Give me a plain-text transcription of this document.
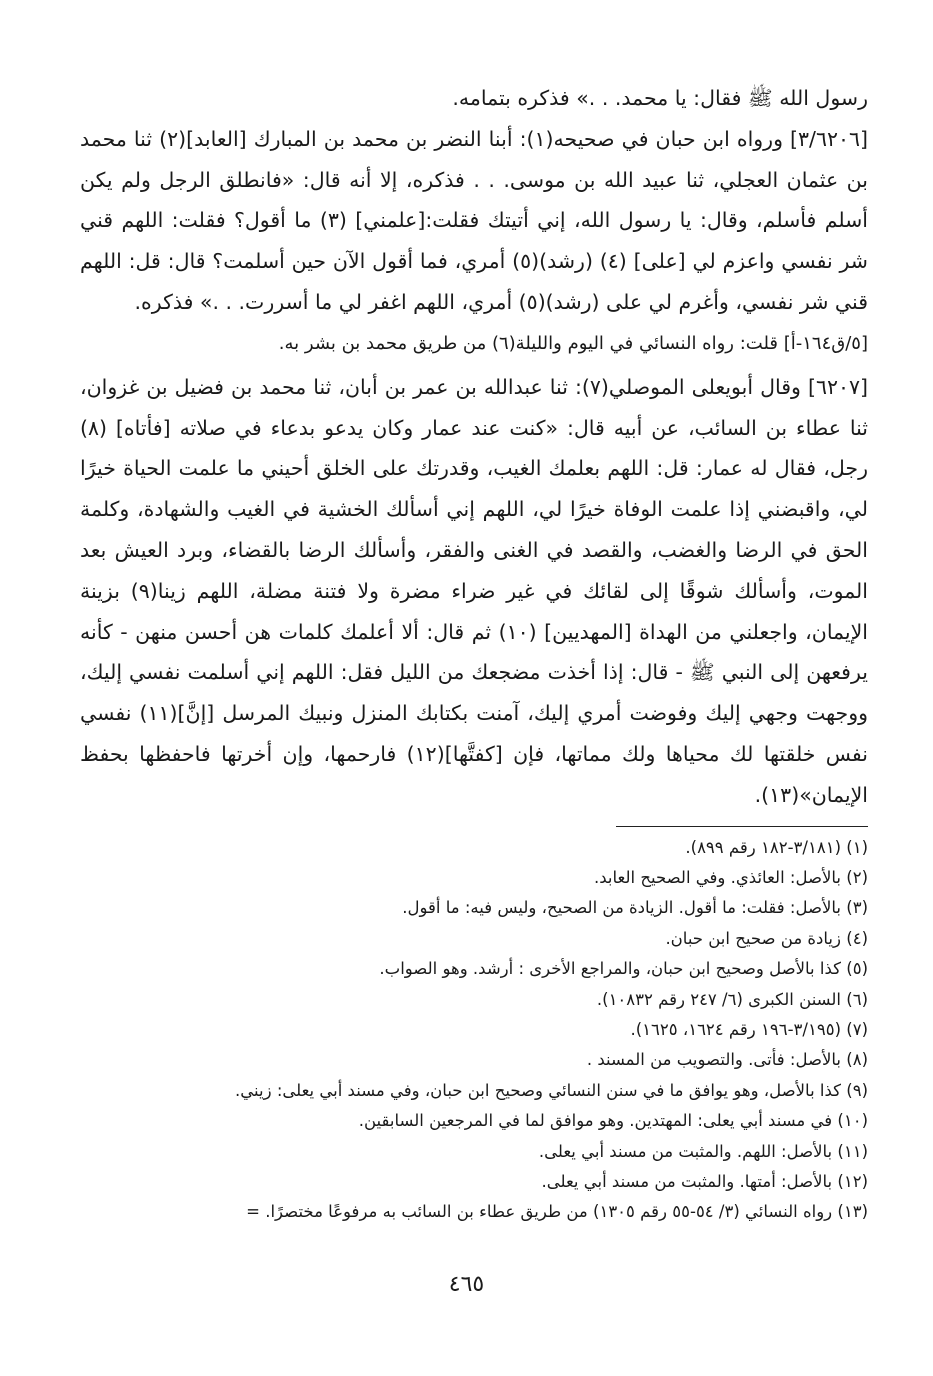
رسول الله ﷺ فقال: يا محمد. . .» فذكره بتمامه.

[٣/٦٢٠٦] ورواه ابن حبان في صحيحه(١): أبنا النضر بن محمد بن المبارك [العابد](٢) ثنا محمد بن عثمان العجلي، ثنا عبيد الله بن موسى. . . فذكره، إلا أنه قال: «فانطلق الرجل ولم يكن أسلم فأسلم، وقال: يا رسول الله، إني أتيتك فقلت:[علمني] (٣) ما أقول؟ فقلت: اللهم قني شر نفسي واعزم لي [على] (٤) (رشد)(٥) أمري، فما أقول الآن حين أسلمت؟ قال: قل: اللهم قني شر نفسي، وأغرم لي على (رشد)(٥) أمري، اللهم اغفر لي ما أسررت. . .» فذكره.

[٥/ق١٦٤-أ] قلت: رواه النسائي في اليوم والليلة(٦) من طريق محمد بن بشر به.

[٦٢٠٧] وقال أبويعلى الموصلي(٧): ثنا عبدالله بن عمر بن أبان، ثنا محمد بن فضيل بن غزوان، ثنا عطاء بن السائب، عن أبيه قال: «كنت عند عمار وكان يدعو بدعاء في صلاته [فأتاه] (٨) رجل، فقال له عمار: قل: اللهم بعلمك الغيب، وقدرتك على الخلق أحيني ما علمت الحياة خيرًا لي، واقبضني إذا علمت الوفاة خيرًا لي، اللهم إني أسألك الخشية في الغيب والشهادة، وكلمة الحق في الرضا والغضب، والقصد في الغنى والفقر، وأسألك الرضا بالقضاء، وبرد العيش بعد الموت، وأسألك شوقًا إلى لقائك في غير ضراء مضرة ولا فتنة مضلة، اللهم زينا(٩) بزينة الإيمان، واجعلني من الهداة [المهديين] (١٠) ثم قال: ألا أعلمك كلمات هن أحسن منهن - كأنه يرفعهن إلى النبي ﷺ - قال: إذا أخذت مضجعك من الليل فقل: اللهم إني أسلمت نفسي إليك، ووجهت وجهي إليك وفوضت أمري إليك، آمنت بكتابك المنزل ونبيك المرسل [إنَّ](١١) نفسي نفس خلقتها لك محياها ولك مماتها، فإن [كفتَّها](١٢) فارحمها، وإن أخرتها فاحفظها بحفظ الإيمان»(١٣).

(١) (٣/١٨١-١٨٢ رقم ٨٩٩).

(٢) بالأصل: العائذي. وفي الصحيح العابد.

(٣) بالأصل: فقلت: ما أقول. الزيادة من الصحيح، وليس فيه: ما أقول.

(٤) زيادة من صحيح ابن حبان.

(٥) كذا بالأصل وصحيح ابن حبان، والمراجع الأخرى : أرشد. وهو الصواب.

(٦) السنن الكبرى (٦/ ٢٤٧ رقم ١٠٨٣٢).

(٧) (٣/١٩٥-١٩٦ رقم ١٦٢٤، ١٦٢٥).

(٨) بالأصل: فأتى. والتصويب من المسند .

(٩) كذا بالأصل، وهو يوافق ما في سنن النسائي وصحيح ابن حبان، وفي مسند أبي يعلى: زيني.

(١٠) في مسند أبي يعلى: المهتدين. وهو موافق لما في المرجعين السابقين.

(١١) بالأصل: اللهم. والمثبت من مسند أبي يعلى.

(١٢) بالأصل: أمتها. والمثبت من مسند أبي يعلى.

(١٣) رواه النسائي (٣/ ٥٤-٥٥ رقم ١٣٠٥) من طريق عطاء بن السائب به مرفوعًا مختصرًا. =

٤٦٥
